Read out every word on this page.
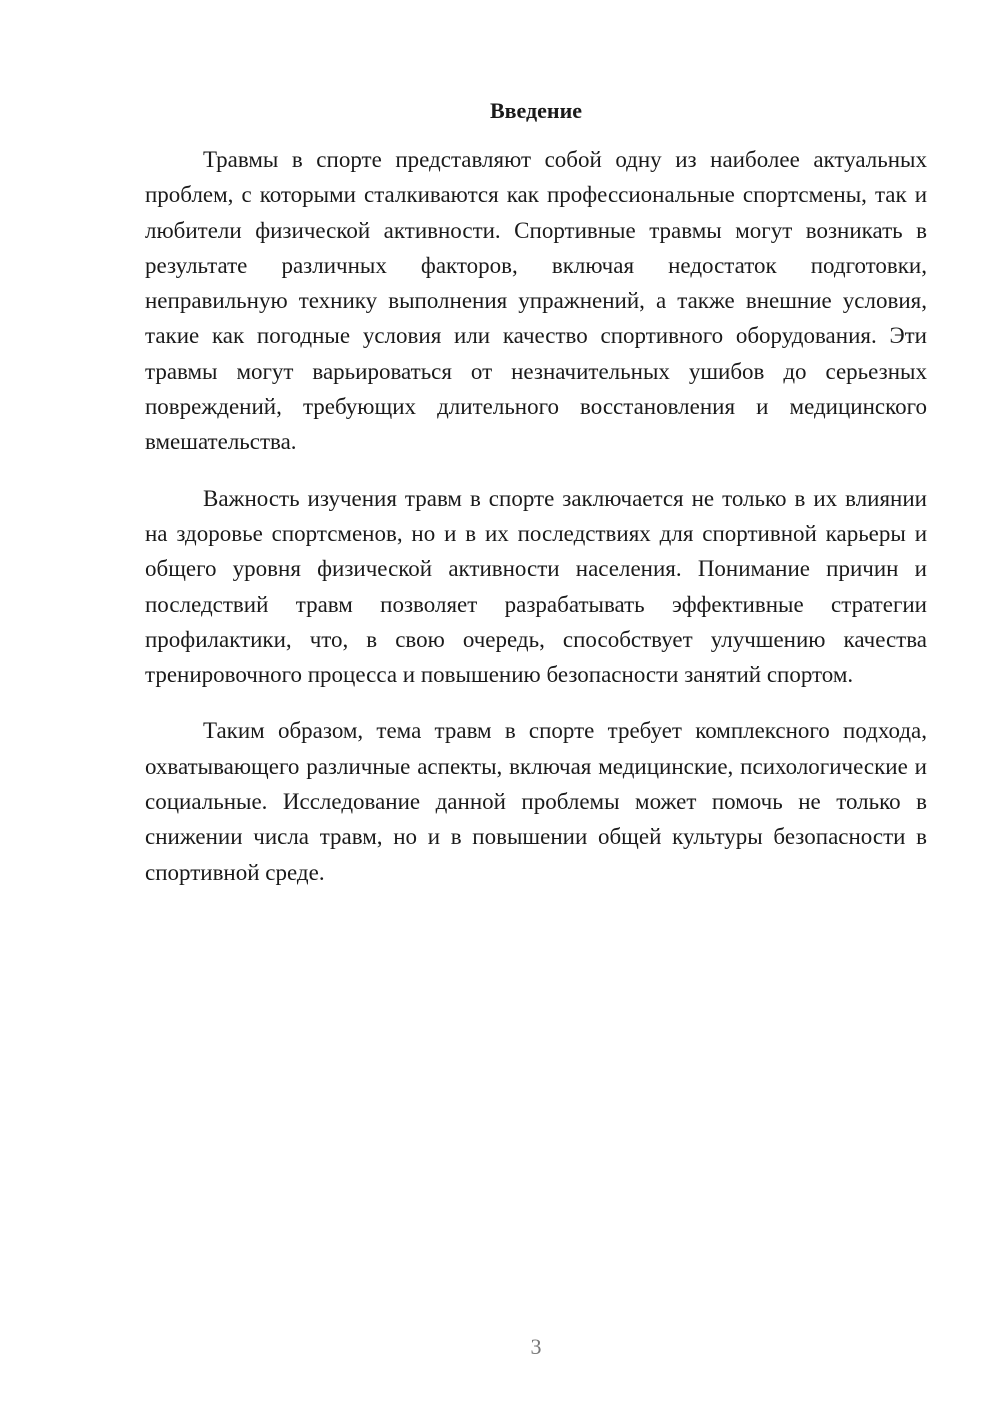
Введение

Травмы в спорте представляют собой одну из наиболее актуальных проблем, с которыми сталкиваются как профессиональные спортсмены, так и любители физической активности. Спортивные травмы могут возникать в результате различных факторов, включая недостаток подготовки, неправильную технику выполнения упражнений, а также внешние условия, такие как погодные условия или качество спортивного оборудования. Эти травмы могут варьироваться от незначительных ушибов до серьезных повреждений, требующих длительного восстановления и медицинского вмешательства.

Важность изучения травм в спорте заключается не только в их влиянии на здоровье спортсменов, но и в их последствиях для спортивной карьеры и общего уровня физической активности населения. Понимание причин и последствий травм позволяет разрабатывать эффективные стратегии профилактики, что, в свою очередь, способствует улучшению качества тренировочного процесса и повышению безопасности занятий спортом.

Таким образом, тема травм в спорте требует комплексного подхода, охватывающего различные аспекты, включая медицинские, психологические и социальные. Исследование данной проблемы может помочь не только в снижении числа травм, но и в повышении общей культуры безопасности в спортивной среде.

3
